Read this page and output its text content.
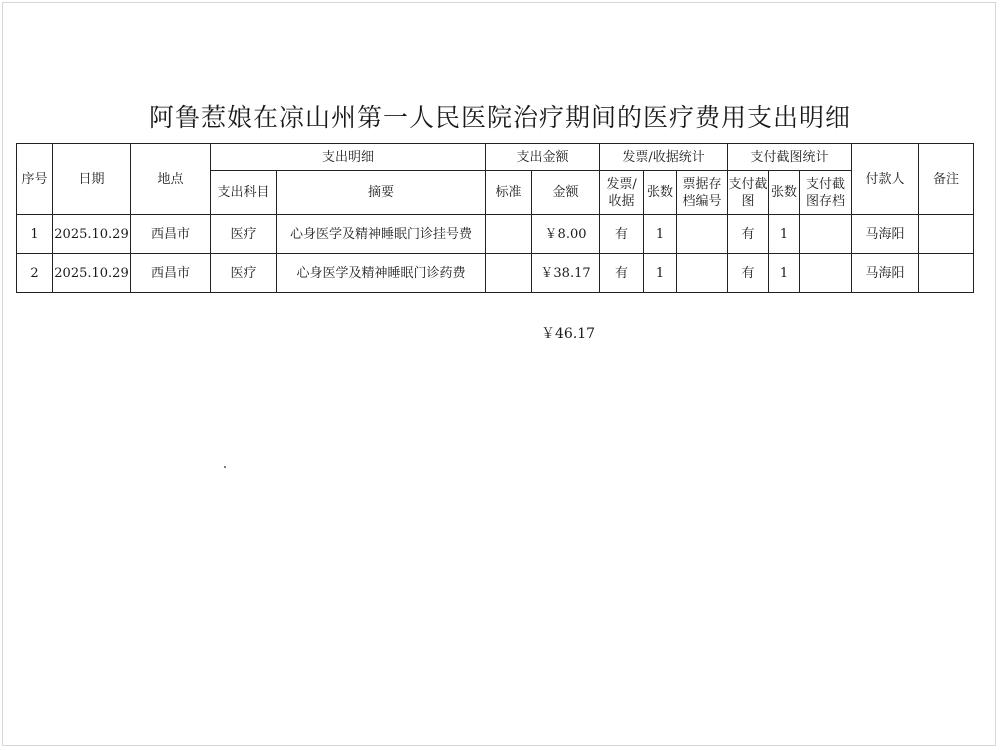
阿鲁惹娘在凉山州第一人民医院治疗期间的医疗费用支出明细
序号	日期	地点	支出明细		支出金额		发票/收据统计			支付截图统计			付款人	备注
			支出科目	摘要	标准	金额	发票/收据	张数	票据存档编号	支付截图	张数	支付截图存档		
1	2025.10.29	西昌市	医疗	心身医学及精神睡眠门诊挂号费		￥8.00	有	1		有	1		马海阳	
2	2025.10.29	西昌市	医疗	心身医学及精神睡眠门诊药费		￥38.17	有	1		有	1		马海阳	
￥46.17
